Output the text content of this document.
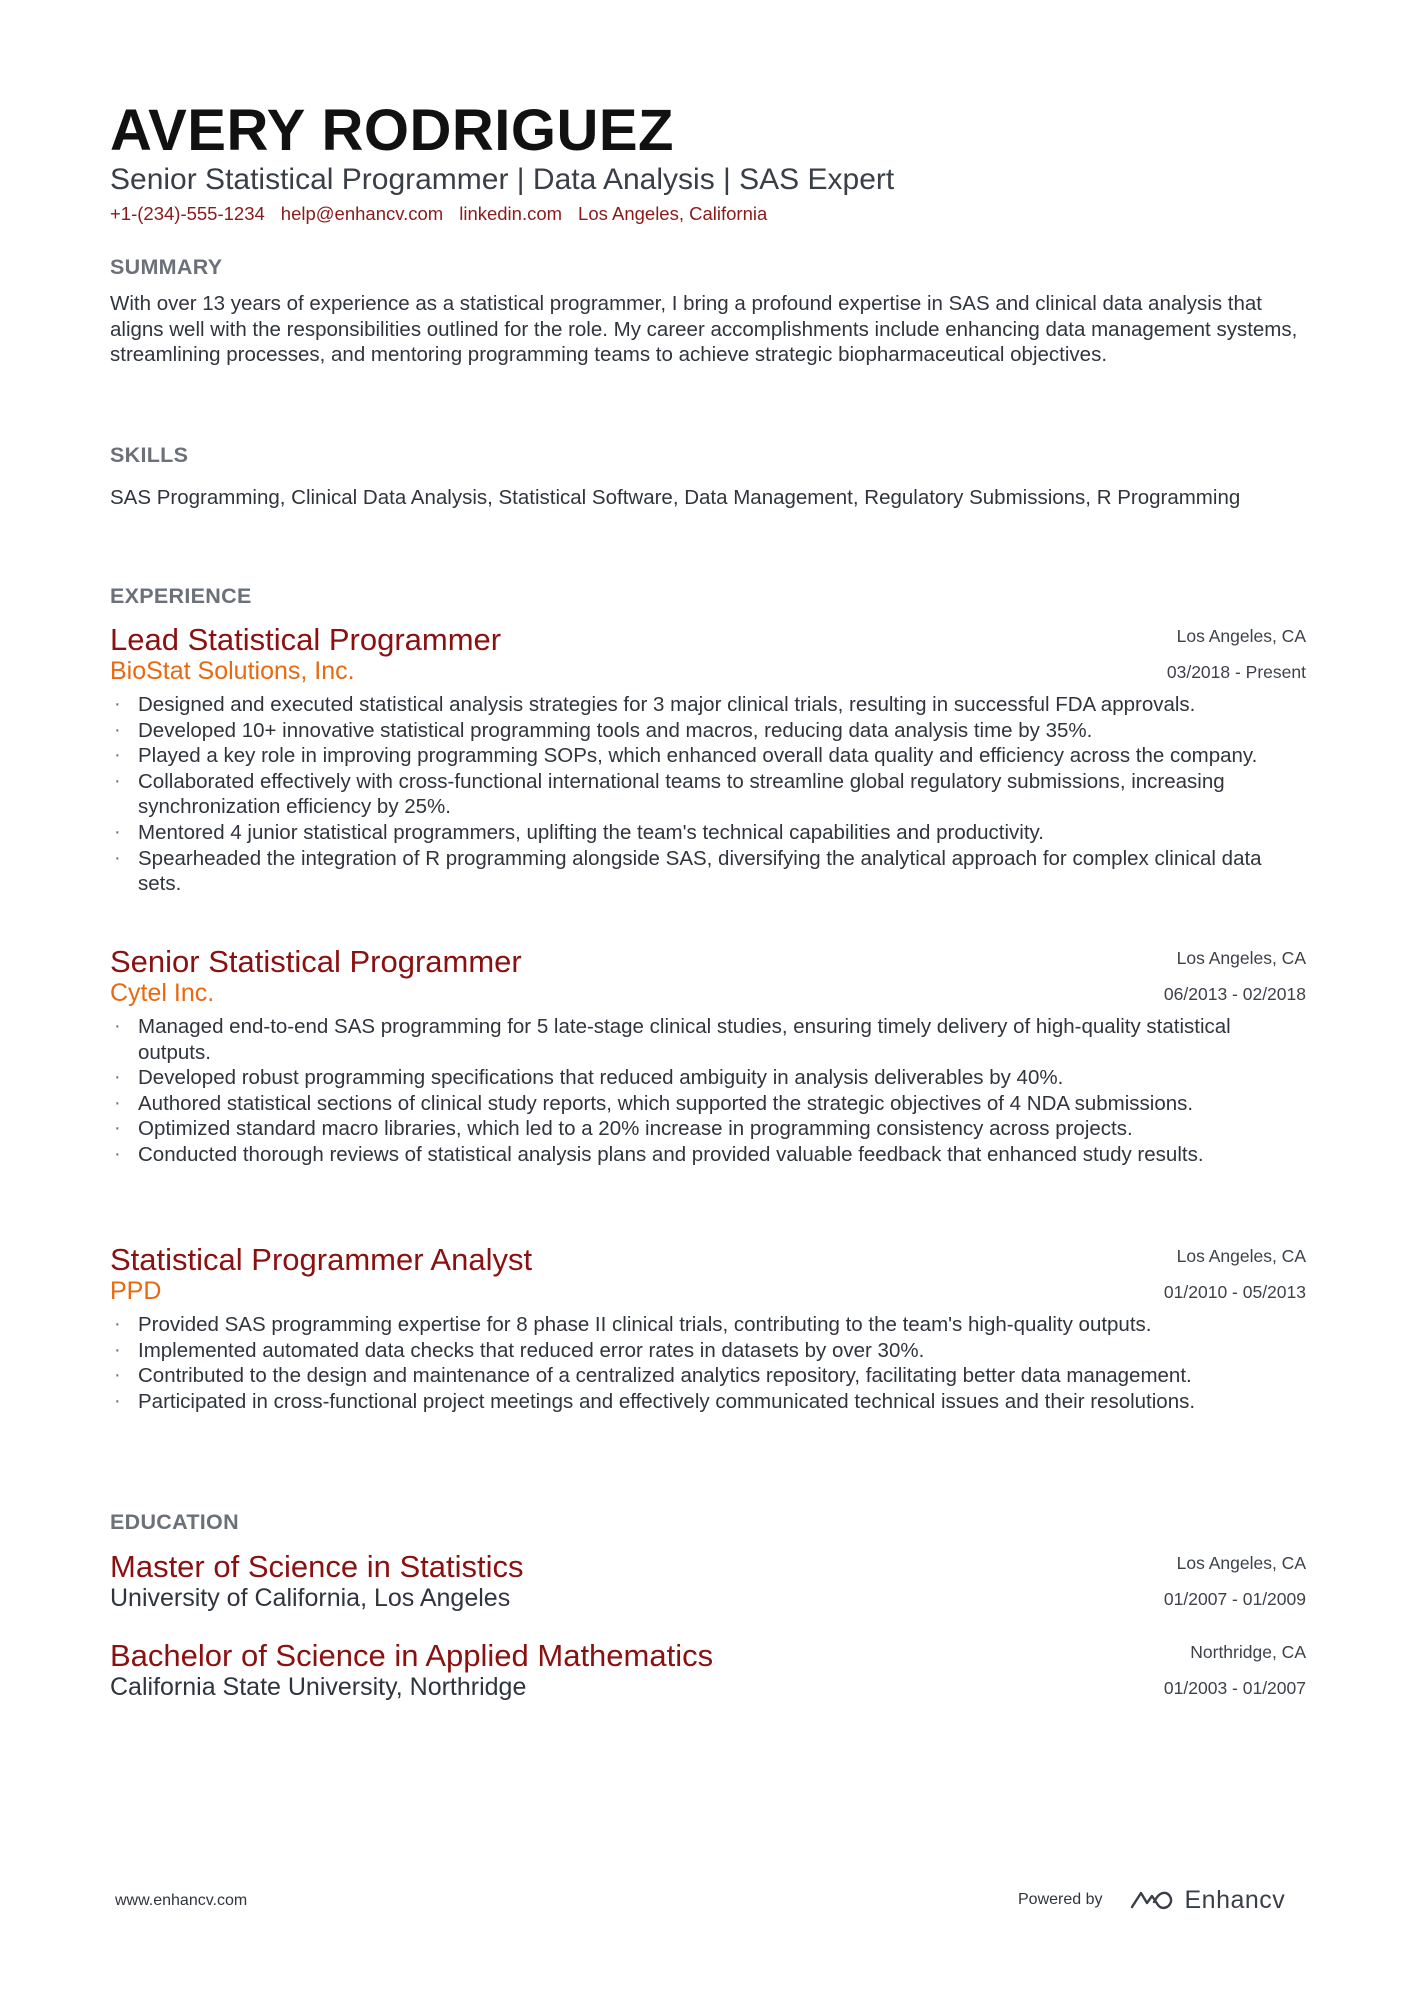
AVERY RODRIGUEZ
Senior Statistical Programmer | Data Analysis | SAS Expert
+1-(234)-555-1234 help@enhancv.com linkedin.com Los Angeles, California
SUMMARY
With over 13 years of experience as a statistical programmer, I bring a profound expertise in SAS and clinical data analysis that aligns well with the responsibilities outlined for the role. My career accomplishments include enhancing data management systems, streamlining processes, and mentoring programming teams to achieve strategic biopharmaceutical objectives.
SKILLS
SAS Programming, Clinical Data Analysis, Statistical Software, Data Management, Regulatory Submissions, R Programming
EXPERIENCE
Lead Statistical Programmer
BioStat Solutions, Inc.
Los Angeles, CA
03/2018 - Present
· Designed and executed statistical analysis strategies for 3 major clinical trials, resulting in successful FDA approvals.
· Developed 10+ innovative statistical programming tools and macros, reducing data analysis time by 35%.
· Played a key role in improving programming SOPs, which enhanced overall data quality and efficiency across the company.
· Collaborated effectively with cross-functional international teams to streamline global regulatory submissions, increasing synchronization efficiency by 25%.
· Mentored 4 junior statistical programmers, uplifting the team's technical capabilities and productivity.
· Spearheaded the integration of R programming alongside SAS, diversifying the analytical approach for complex clinical data sets.
Senior Statistical Programmer
Cytel Inc.
Los Angeles, CA
06/2013 - 02/2018
· Managed end-to-end SAS programming for 5 late-stage clinical studies, ensuring timely delivery of high-quality statistical outputs.
· Developed robust programming specifications that reduced ambiguity in analysis deliverables by 40%.
· Authored statistical sections of clinical study reports, which supported the strategic objectives of 4 NDA submissions.
· Optimized standard macro libraries, which led to a 20% increase in programming consistency across projects.
· Conducted thorough reviews of statistical analysis plans and provided valuable feedback that enhanced study results.
Statistical Programmer Analyst
PPD
Los Angeles, CA
01/2010 - 05/2013
· Provided SAS programming expertise for 8 phase II clinical trials, contributing to the team's high-quality outputs.
· Implemented automated data checks that reduced error rates in datasets by over 30%.
· Contributed to the design and maintenance of a centralized analytics repository, facilitating better data management.
· Participated in cross-functional project meetings and effectively communicated technical issues and their resolutions.
EDUCATION
Master of Science in Statistics
University of California, Los Angeles
Los Angeles, CA
01/2007 - 01/2009
Bachelor of Science in Applied Mathematics
California State University, Northridge
Northridge, CA
01/2003 - 01/2007
www.enhancv.com	Powered by	Enhancv
